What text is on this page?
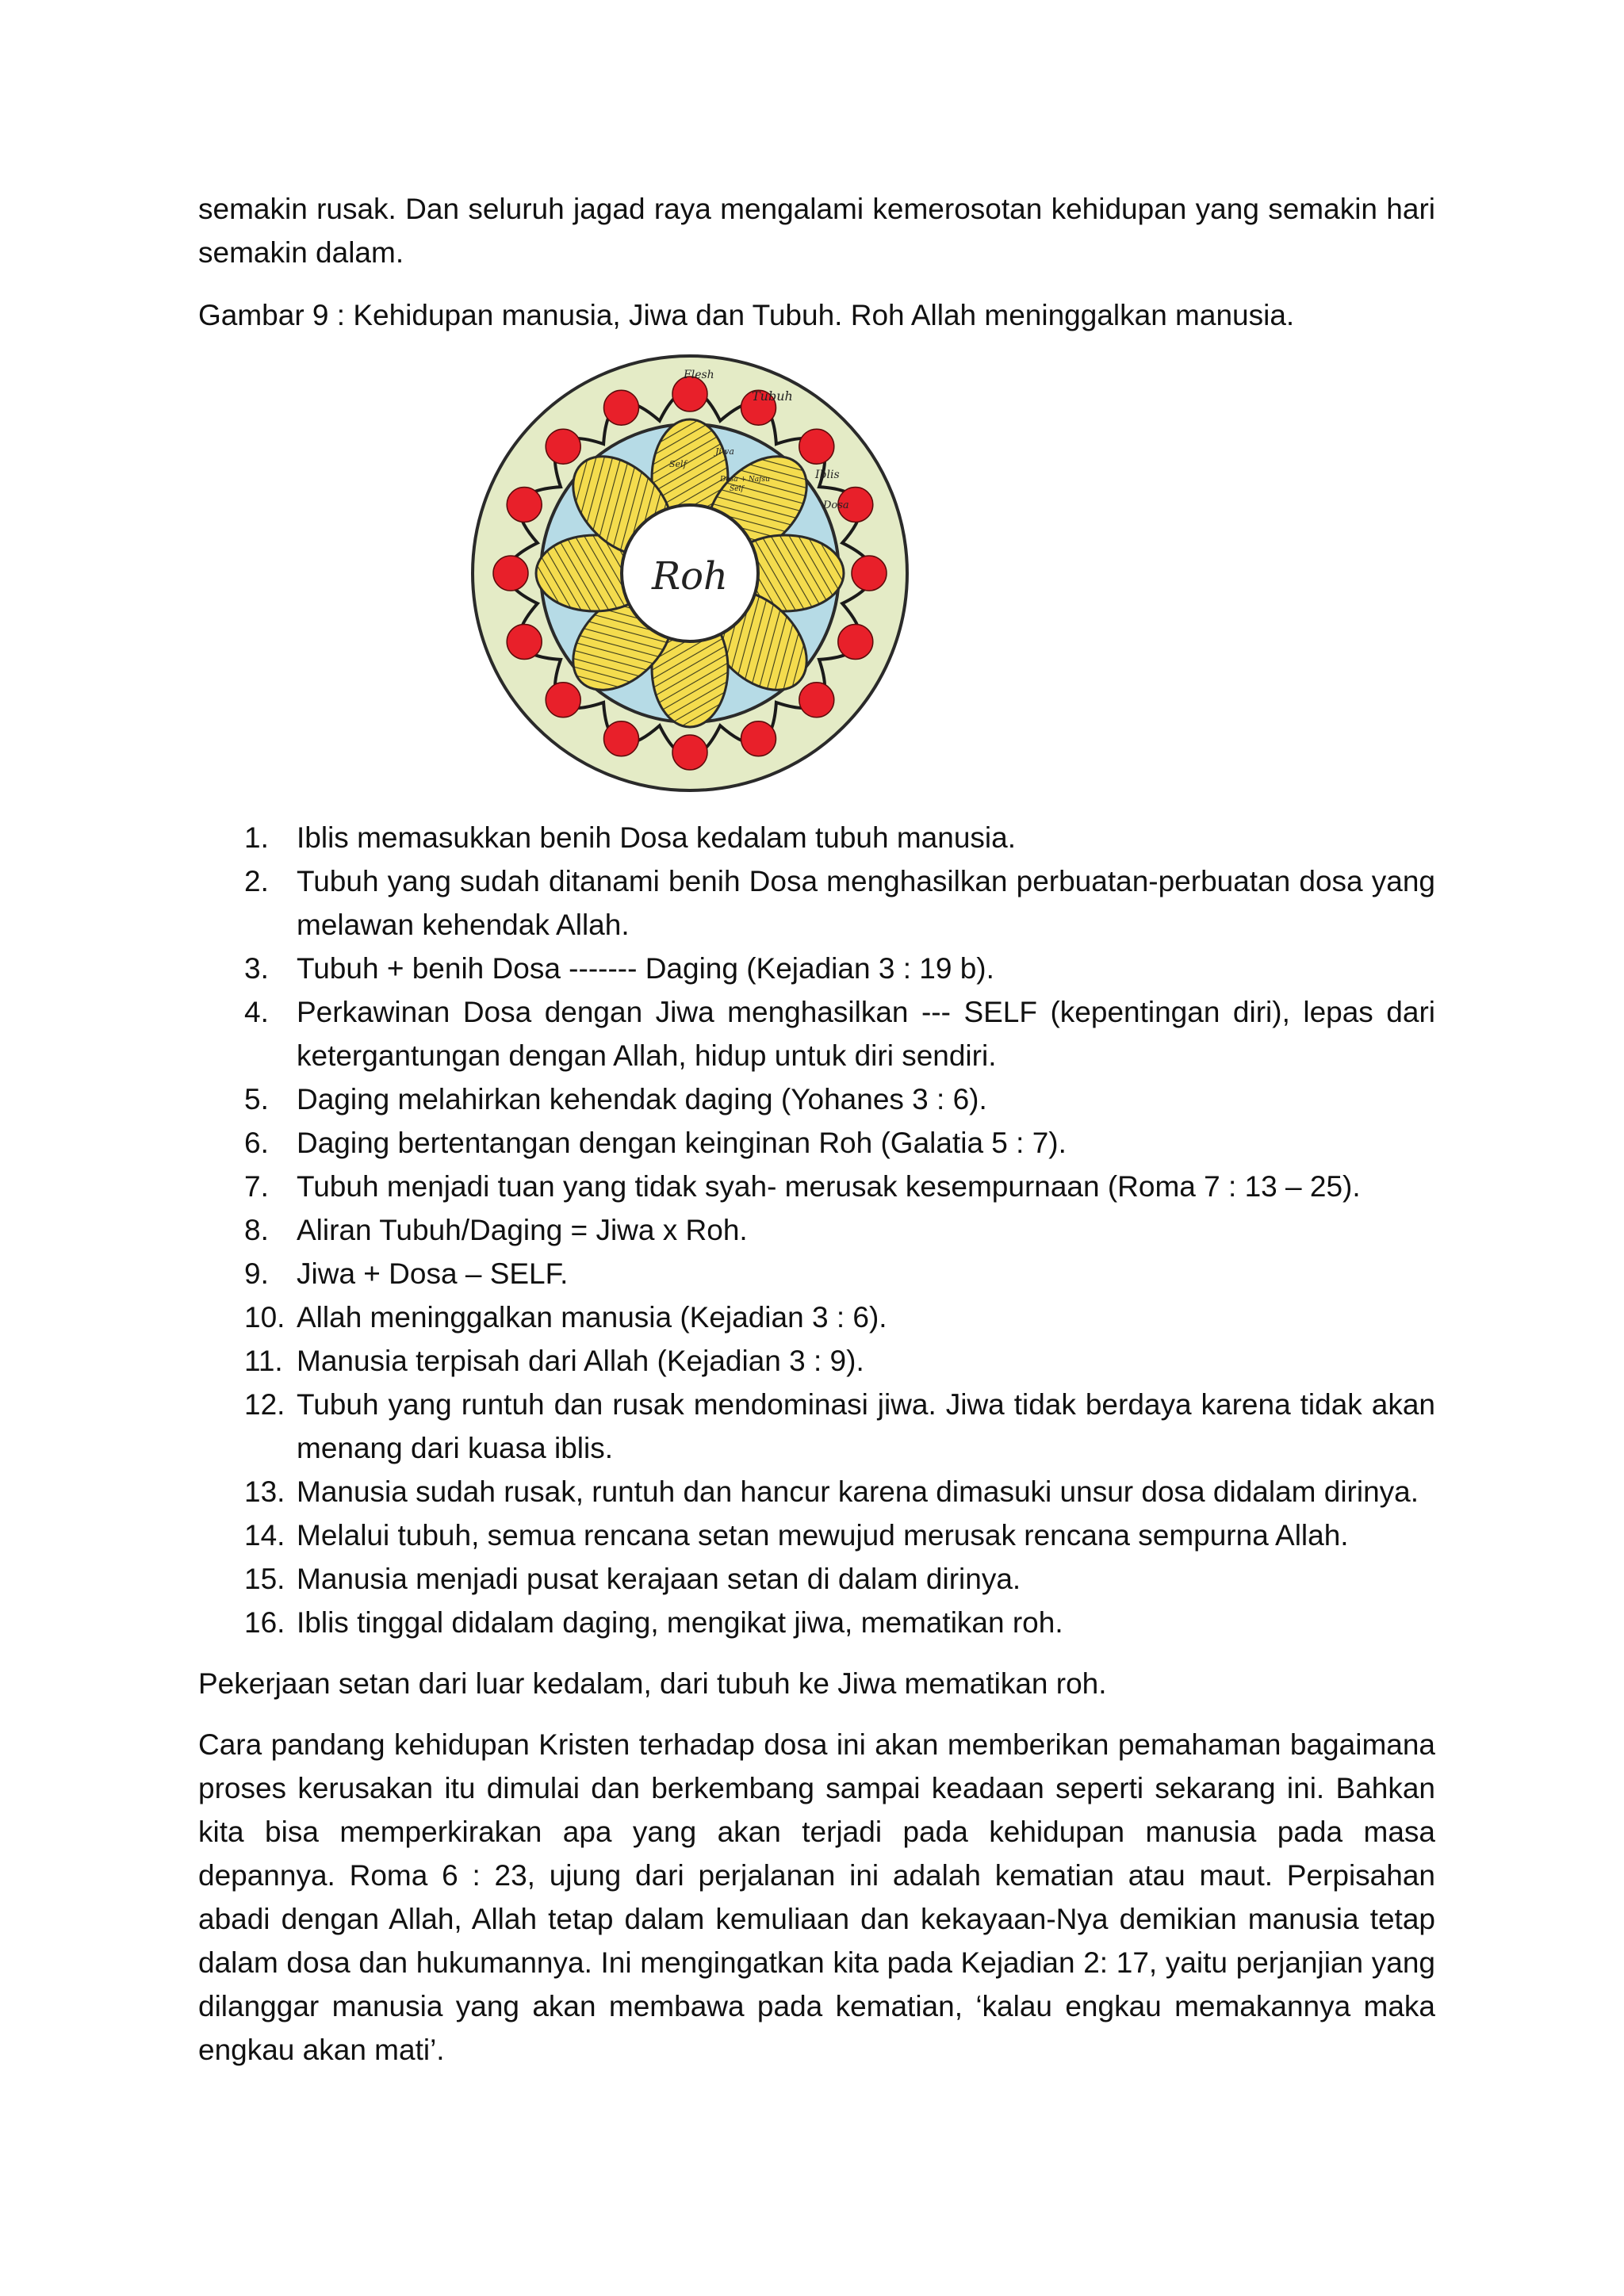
semakin rusak. Dan seluruh jagad raya mengalami kemerosotan kehidupan yang semakin hari semakin dalam.

Gambar 9 : Kehidupan manusia, Jiwa dan Tubuh. Roh Allah meninggalkan manusia.

Roh
Flesh
Tubuh
Jiwa
Self
Dosa + Nafsu
Self
Iblis
Dosa
1. Iblis memasukkan benih Dosa kedalam tubuh manusia.
2. Tubuh yang sudah ditanami benih Dosa menghasilkan perbuatan-perbuatan dosa yang melawan kehendak Allah.
3. Tubuh + benih Dosa ------- Daging (Kejadian 3 : 19 b).
4. Perkawinan Dosa dengan Jiwa menghasilkan --- SELF (kepentingan diri), lepas dari ketergantungan dengan Allah, hidup untuk diri sendiri.
5. Daging melahirkan kehendak daging (Yohanes 3 : 6).
6. Daging bertentangan dengan keinginan Roh (Galatia 5 : 7).
7. Tubuh menjadi tuan yang tidak syah- merusak kesempurnaan (Roma 7 : 13 – 25).
8. Aliran Tubuh/Daging = Jiwa x Roh.
9. Jiwa + Dosa – SELF.
10. Allah meninggalkan manusia (Kejadian 3 : 6).
11. Manusia terpisah dari Allah (Kejadian 3 : 9).
12. Tubuh yang runtuh dan rusak mendominasi jiwa. Jiwa tidak berdaya karena tidak akan menang dari kuasa iblis.
13. Manusia sudah rusak, runtuh dan hancur karena dimasuki unsur dosa didalam dirinya.
14. Melalui tubuh, semua rencana setan mewujud merusak rencana sempurna Allah.
15. Manusia menjadi pusat kerajaan setan di dalam dirinya.
16. Iblis tinggal didalam daging, mengikat jiwa, mematikan roh.

Pekerjaan setan dari luar kedalam, dari tubuh ke Jiwa mematikan roh.

Cara pandang kehidupan Kristen terhadap dosa ini akan memberikan pemahaman bagaimana proses kerusakan itu dimulai dan berkembang sampai keadaan seperti sekarang ini. Bahkan kita bisa memperkirakan apa yang akan terjadi pada kehidupan manusia pada masa depannya. Roma 6 : 23, ujung dari perjalanan ini adalah kematian atau maut. Perpisahan abadi dengan Allah, Allah tetap dalam kemuliaan dan kekayaan-Nya demikian manusia tetap dalam dosa dan hukumannya. Ini mengingatkan kita pada Kejadian 2: 17, yaitu perjanjian yang dilanggar manusia yang akan membawa pada kematian, ‘kalau engkau memakannya maka engkau akan mati’.
